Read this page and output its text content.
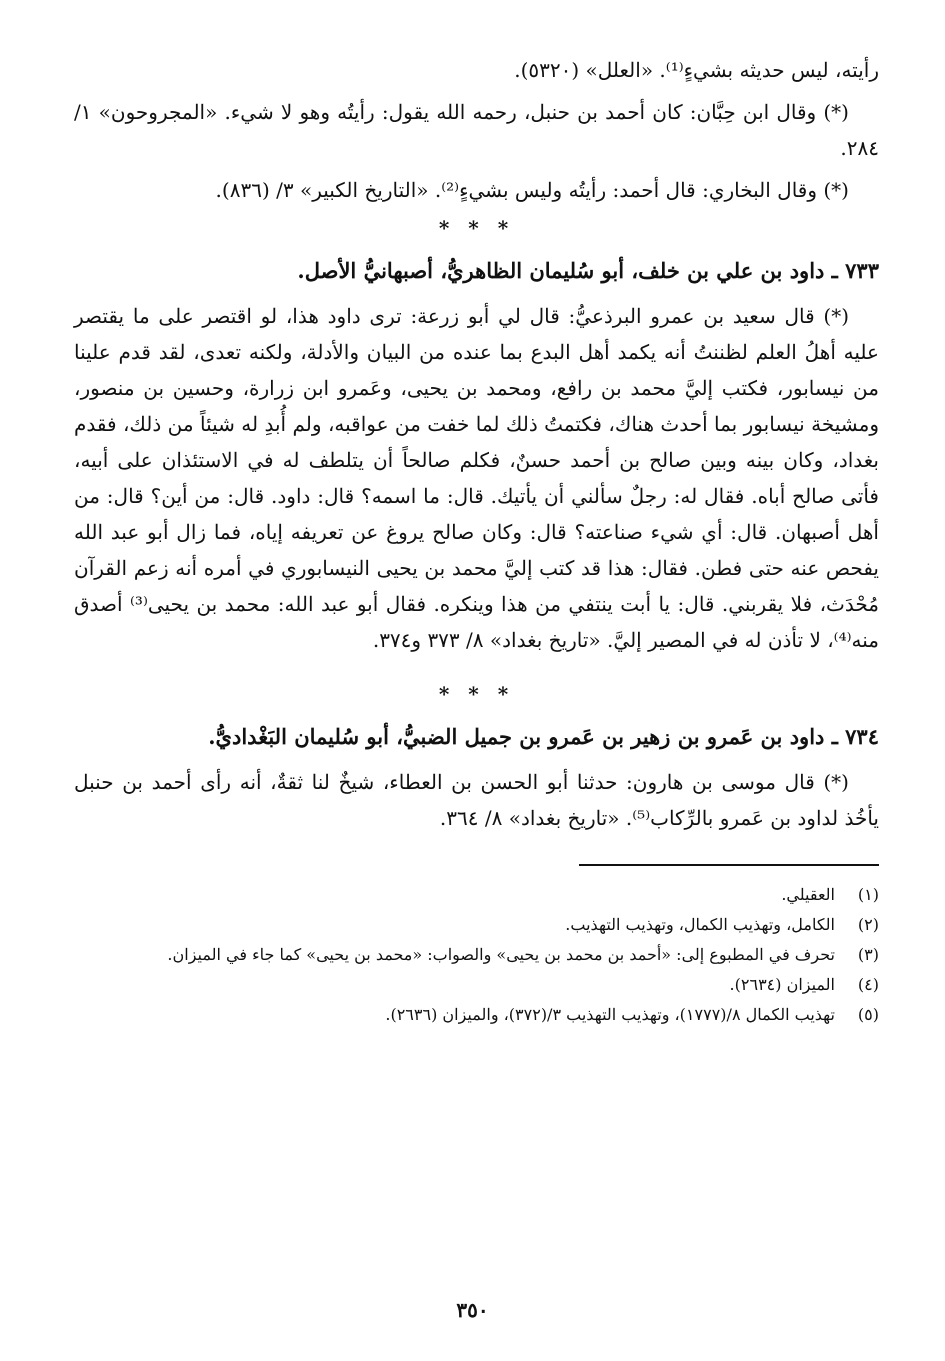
رأيته، ليس حديثه بشيءٍ⁽¹⁾. «العلل» (٥٣٢٠).

(*) وقال ابن حِبَّان: كان أحمد بن حنبل، رحمه الله يقول: رأيتُه وهو لا شيء. «المجروحون» ١/ ٢٨٤.

(*) وقال البخاري: قال أحمد: رأيتُه وليس بشيءٍ⁽²⁾. «التاريخ الكبير» ٣/ (٨٣٦).

* * *

٧٣٣ ـ داود بن علي بن خلف، أبو سُليمان الظاهريُّ، أصبهانيُّ الأصل.

(*) قال سعيد بن عمرو البرذعيُّ: قال لي أبو زرعة: ترى داود هذا، لو اقتصر على ما يقتصر عليه أهلُ العلم لظننتُ أنه يكمد أهل البدع بما عنده من البيان والأدلة، ولكنه تعدى، لقد قدم علينا من نيسابور، فكتب إليَّ محمد بن رافع، ومحمد بن يحيى، وعَمرو ابن زرارة، وحسين بن منصور، ومشيخة نيسابور بما أحدث هناك، فكتمتُ ذلك لما خفت من عواقبه، ولم أُبدِ له شيئاً من ذلك، فقدم بغداد، وكان بينه وبين صالح بن أحمد حسنٌ، فكلم صالحاً أن يتلطف له في الاستئذان على أبيه، فأتى صالح أباه. فقال له: رجلٌ سألني أن يأتيك. قال: ما اسمه؟ قال: داود. قال: من أين؟ قال: من أهل أصبهان. قال: أي شيء صناعته؟ قال: وكان صالح يروغ عن تعريفه إياه، فما زال أبو عبد الله يفحص عنه حتى فطن. فقال: هذا قد كتب إليَّ محمد بن يحيى النيسابوري في أمره أنه زعم القرآن مُحْدَث، فلا يقربني. قال: يا أبت ينتفي من هذا وينكره. فقال أبو عبد الله: محمد بن يحيى⁽³⁾ أصدق منه⁽⁴⁾، لا تأذن له في المصير إليَّ. «تاريخ بغداد» ٨/ ٣٧٣ و٣٧٤.

* * *

٧٣٤ ـ داود بن عَمرو بن زهير بن عَمرو بن جميل الضبيُّ، أبو سُليمان البَغْداديُّ.

(*) قال موسى بن هارون: حدثنا أبو الحسن بن العطاء، شيخٌ لنا ثقةٌ، أنه رأى أحمد بن حنبل يأخُذ لداود بن عَمرو بالرِّكاب⁽⁵⁾. «تاريخ بغداد» ٨/ ٣٦٤.

(١)
العقيلي.
(٢)
الكامل، وتهذيب الكمال، وتهذيب التهذيب.
(٣)
تحرف في المطبوع إلى: «أحمد بن محمد بن يحيى» والصواب: «محمد بن يحيى» كما جاء في الميزان.
(٤)
الميزان (٢٦٣٤).
(٥)
تهذيب الكمال ٨/(١٧٧٧)، وتهذيب التهذيب ٣/(٣٧٢)، والميزان (٢٦٣٦).
٣٥٠
